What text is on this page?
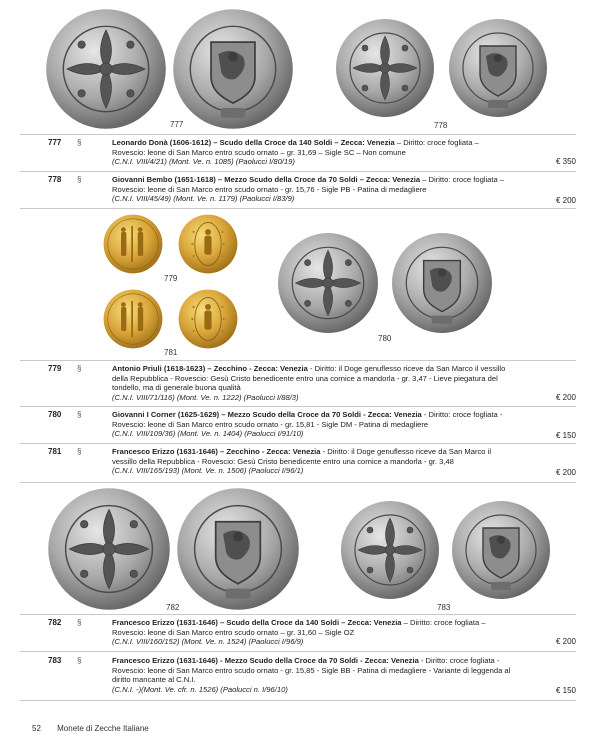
777	778
777 §	Leonardo Donà (1606-1612) – Scudo della Croce da 140 Soldi – Zecca: Venezia – Diritto: croce fogliata – Rovescio: leone di San Marco entro scudo ornato – gr. 31,69 – Sigle SC – Non comune
(C.N.I. VIII/4/21) (Mont. Ve. n. 1085) (Paolucci I/80/19)	€ 350
778 §	Giovanni Bembo (1651-1618) – Mezzo Scudo della Croce da 70 Soldi – Zecca: Venezia – Diritto: croce fogliata – Rovescio: leone di San Marco entro scudo ornato - gr. 15,76 - Sigle PB - Patina di medagliere
(C.N.I. VIII/45/49) (Mont. Ve. n. 1179) (Paolucci I/83/9)	€ 200
779
781
780
779 §	Antonio Priuli (1618-1623) – Zecchino - Zecca: Venezia - Diritto: il Doge genuflesso riceve da San Marco il vessillo della Repubblica - Rovescio: Gesù Cristo benedicente entro una cornice a mandorla - gr. 3,47 - Lieve piegatura del tondello, ma di generale buona qualità
(C.N.I. VIII/71/116) (Mont. Ve. n. 1222) (Paolucci I/88/3)	€ 200
780 §	Giovanni I Corner (1625-1629) – Mezzo Scudo della Croce da 70 Soldi - Zecca: Venezia - Diritto: croce fogliata - Rovescio: leone di San Marco entro scudo ornato - gr. 15,81 - Sigle DM - Patina di medagliere
(C.N.I. VIII/109/36) (Mont. Ve. n. 1404) (Paolucci I/91/10)	€ 150
781 §	Francesco Erizzo (1631-1646) – Zecchino - Zecca: Venezia - Diritto: il Doge genuflesso riceve da San Marco il vessillo della Repubblica - Rovescio: Gesù Cristo benedicente entro una cornice a mandorla - gr. 3,48
(C.N.I. VIII/165/193) (Mont. Ve. n. 1506) (Paolucci I/96/1)	€ 200
782	783
782 §	Francesco Erizzo (1631-1646) – Scudo della Croce da 140 Soldi – Zecca: Venezia – Diritto: croce fogliata – Rovescio: leone di San Marco entro scudo ornato – gr. 31,60 – Sigle OZ
(C.N.I. VIII/160/152) (Mont. Ve. n. 1524) (Paolucci I/96/9)	€ 200
783 §	Francesco Erizzo (1631-1646) - Mezzo Scudo della Croce da 70 Soldi - Zecca: Venezia - Diritto: croce fogliata - Rovescio: leone di San Marco entro scudo ornato - gr. 15,85 - Sigle BB - Patina di medagliere - Variante di leggenda al diritto mancante al C.N.I.
(C.N.I. -)(Mont. Ve. cfr. n. 1526) (Paolucci n. I/96/10)	€ 150
52 Monete di Zecche Italiane
